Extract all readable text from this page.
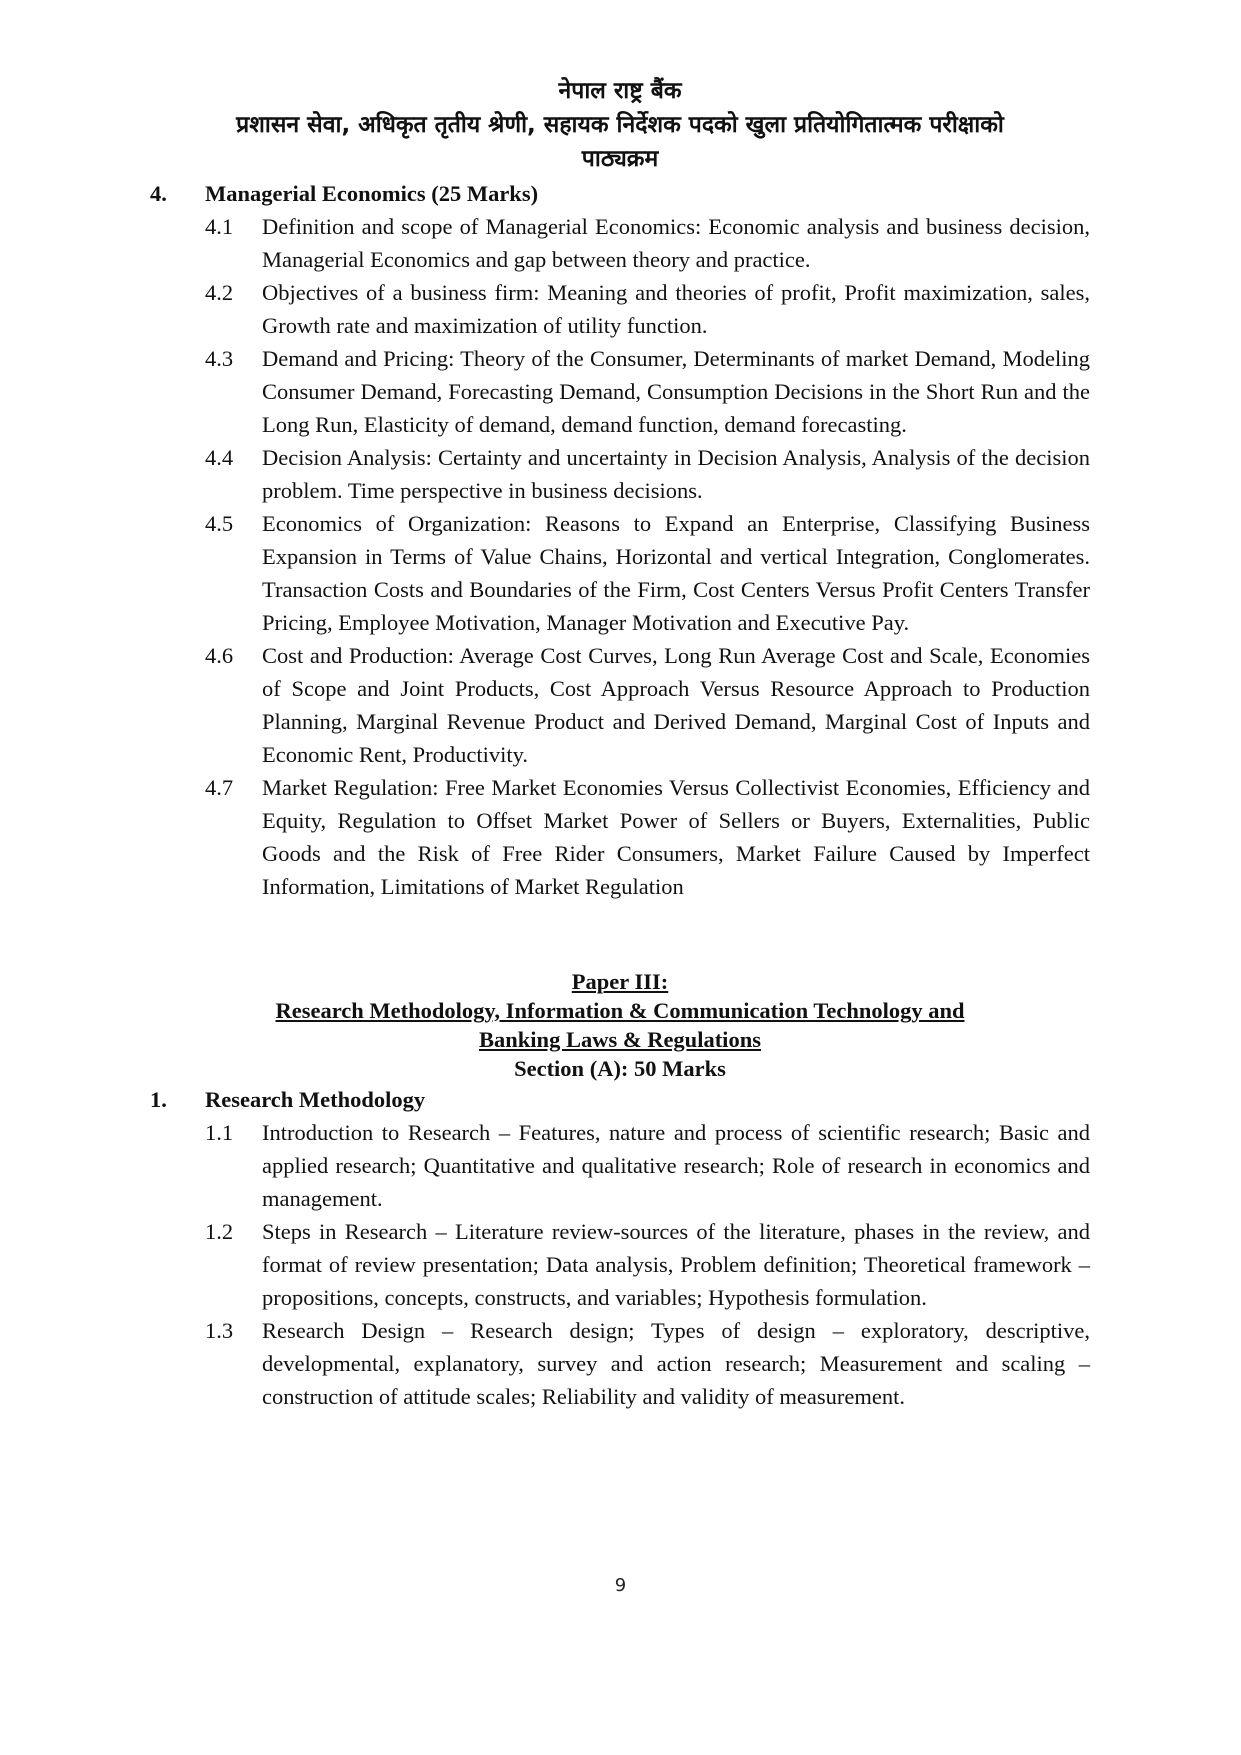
नेपाल राष्ट्र बैंक
प्रशासन सेवा, अधिकृत तृतीय श्रेणी, सहायक निर्देशक पदको खुला प्रतियोगितात्मक परीक्षाको
पाठ्यक्रम
4.	Managerial Economics (25 Marks)
4.1	Definition and scope of Managerial Economics: Economic analysis and business decision, Managerial Economics and gap between theory and practice.
4.2	Objectives of a business firm: Meaning and theories of profit, Profit maximization, sales, Growth rate and maximization of utility function.
4.3	Demand and Pricing: Theory of the Consumer, Determinants of market Demand, Modeling Consumer Demand, Forecasting Demand, Consumption Decisions in the Short Run and the Long Run, Elasticity of demand, demand function, demand forecasting.
4.4	Decision Analysis: Certainty and uncertainty in Decision Analysis, Analysis of the decision problem. Time perspective in business decisions.
4.5	Economics of Organization: Reasons to Expand an Enterprise, Classifying Business Expansion in Terms of Value Chains, Horizontal and vertical Integration, Conglomerates. Transaction Costs and Boundaries of the Firm, Cost Centers Versus Profit Centers Transfer Pricing, Employee Motivation, Manager Motivation and Executive Pay.
4.6	Cost and Production: Average Cost Curves, Long Run Average Cost and Scale, Economies of Scope and Joint Products, Cost Approach Versus Resource Approach to Production Planning, Marginal Revenue Product and Derived Demand, Marginal Cost of Inputs and Economic Rent, Productivity.
4.7	Market Regulation: Free Market Economies Versus Collectivist Economies, Efficiency and Equity, Regulation to Offset Market Power of Sellers or Buyers, Externalities, Public Goods and the Risk of Free Rider Consumers, Market Failure Caused by Imperfect Information, Limitations of Market Regulation
Paper III:
Research Methodology, Information & Communication Technology and
Banking Laws & Regulations
Section (A): 50 Marks
1.	Research Methodology
1.1	Introduction to Research – Features, nature and process of scientific research; Basic and applied research; Quantitative and qualitative research; Role of research in economics and management.
1.2	Steps in Research – Literature review-sources of the literature, phases in the review, and format of review presentation; Data analysis, Problem definition; Theoretical framework – propositions, concepts, constructs, and variables; Hypothesis formulation.
1.3	Research Design – Research design; Types of design – exploratory, descriptive, developmental, explanatory, survey and action research; Measurement and scaling – construction of attitude scales; Reliability and validity of measurement.
9
